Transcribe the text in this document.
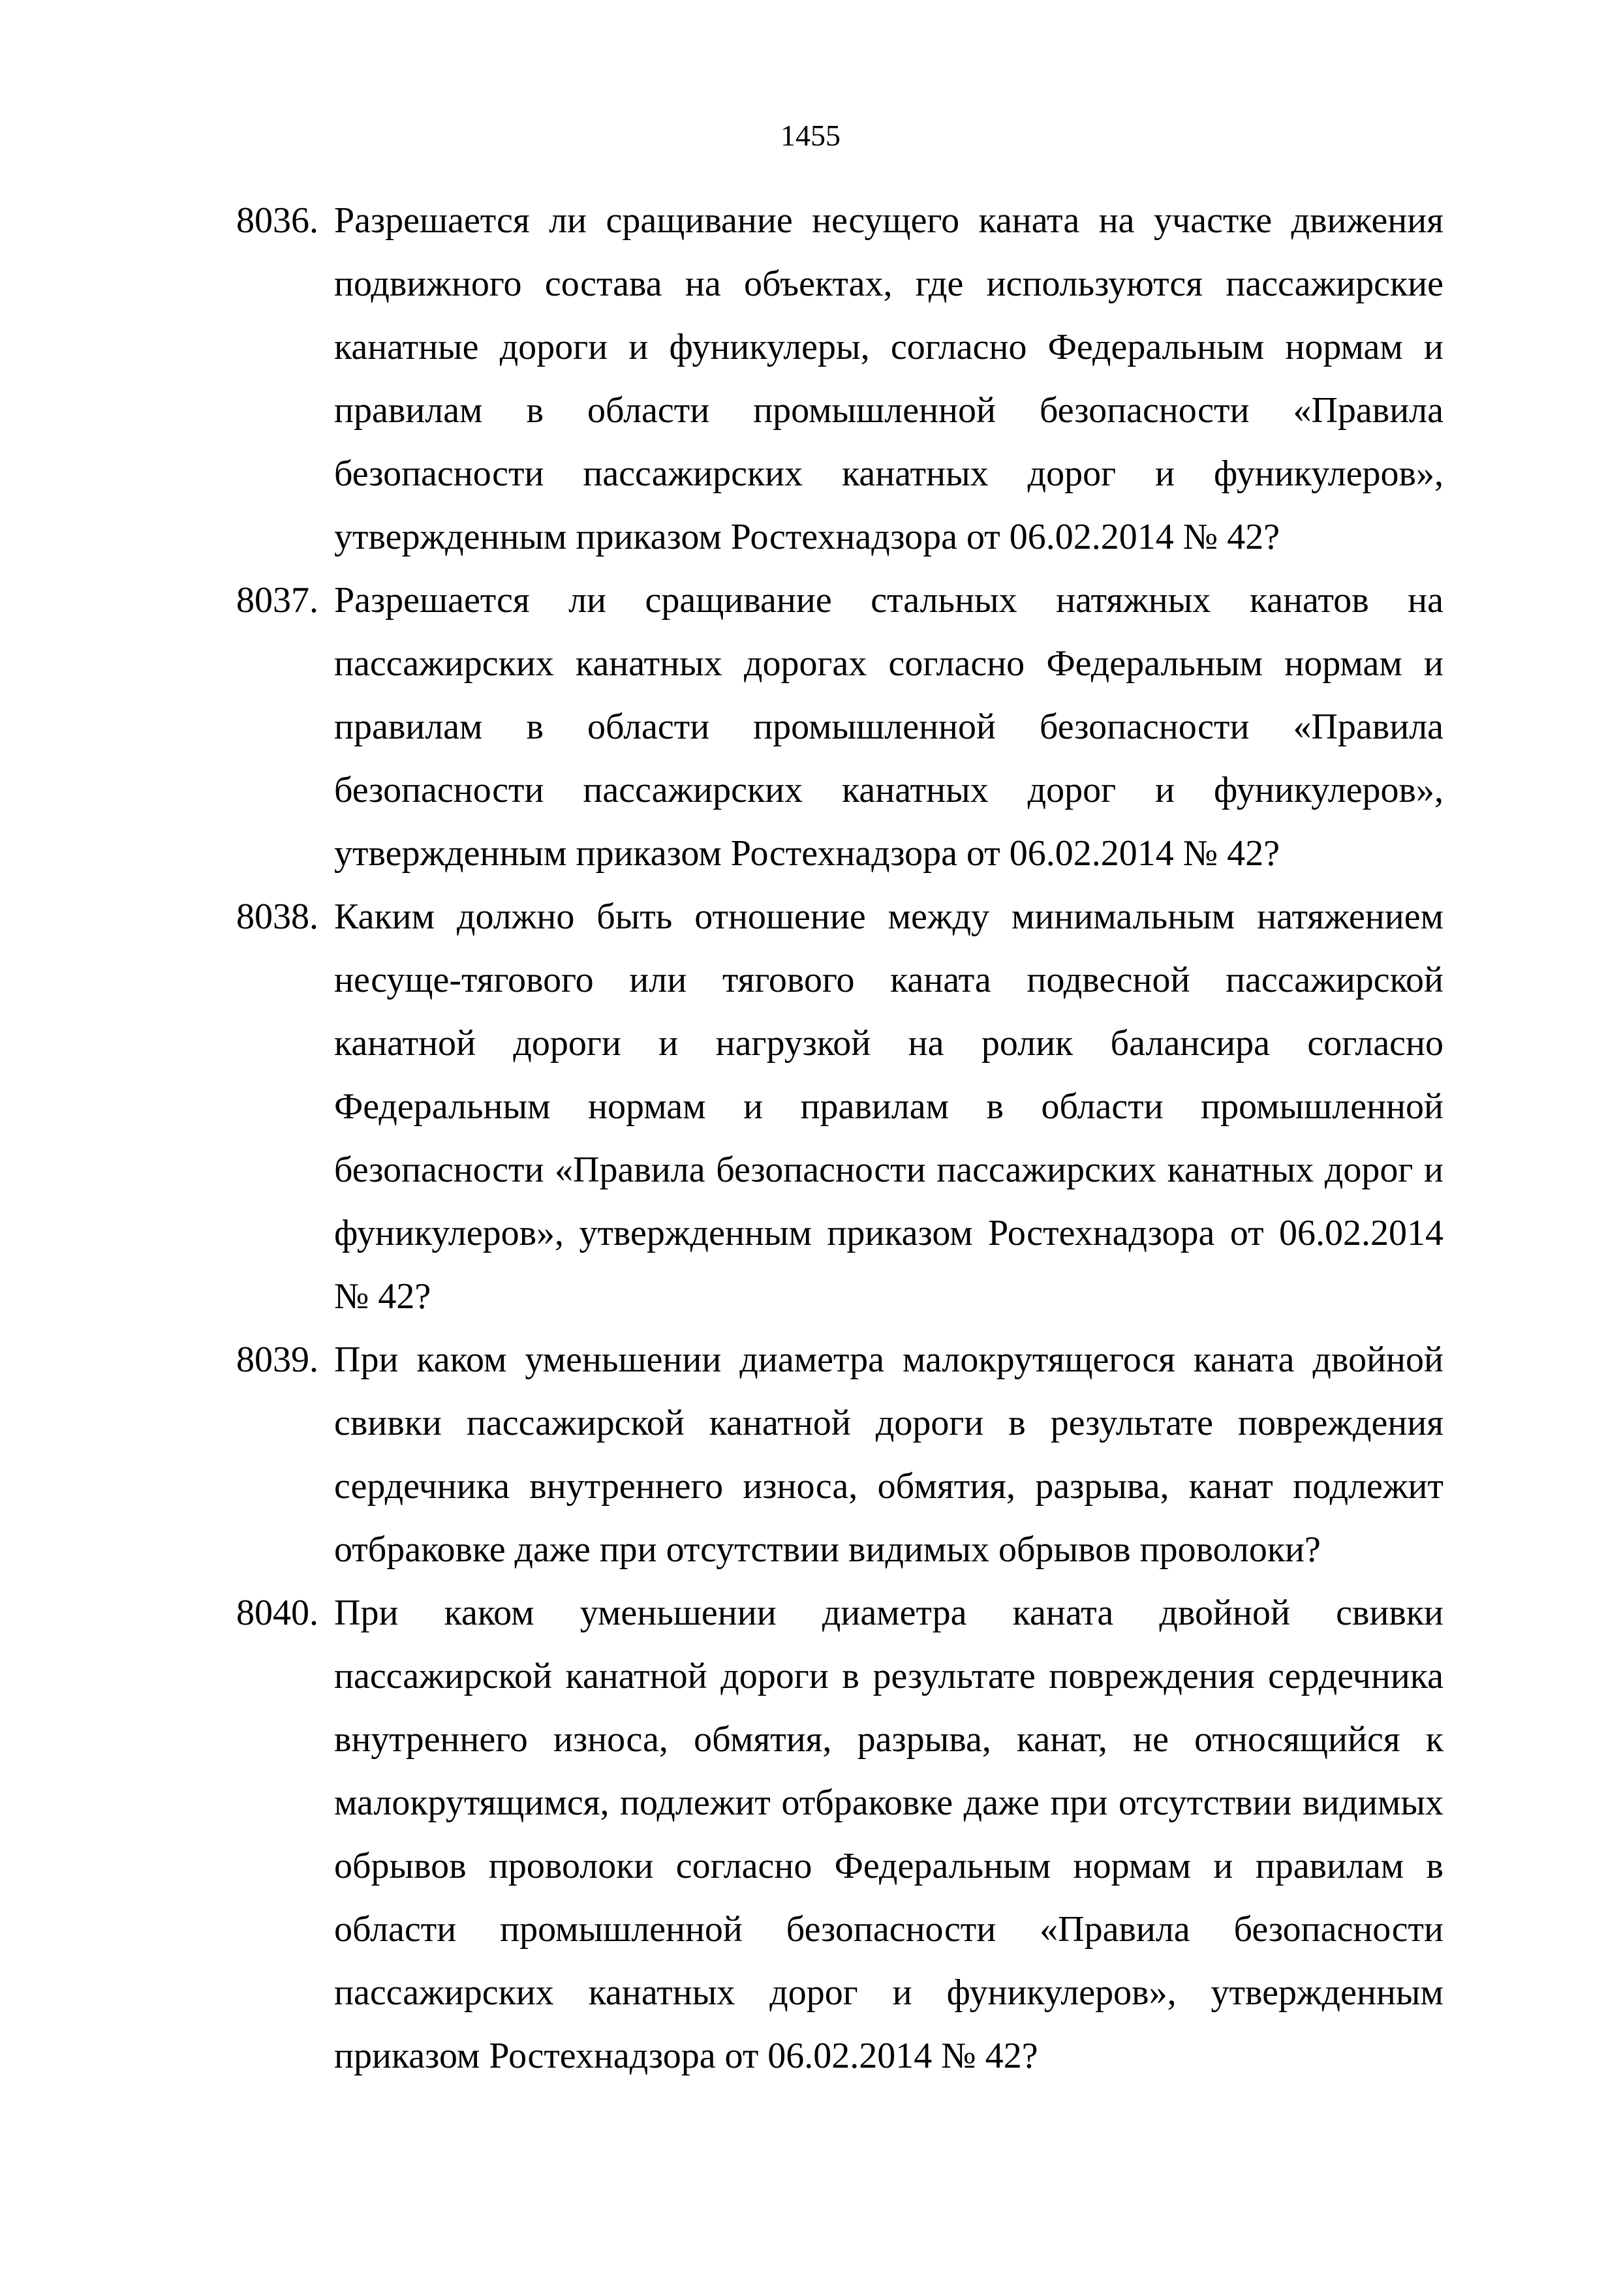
1455
8036. Разрешается ли сращивание несущего каната на участке движения подвижного состава на объектах, где используются пассажирские канатные дороги и фуникулеры, согласно Федеральным нормам и правилам в области промышленной безопасности «Правила безопасности пассажирских канатных дорог и фуникулеров», утвержденным приказом Ростехнадзора от 06.02.2014 № 42?
8037. Разрешается ли сращивание стальных натяжных канатов на пассажирских канатных дорогах согласно Федеральным нормам и правилам в области промышленной безопасности «Правила безопасности пассажирских канатных дорог и фуникулеров», утвержденным приказом Ростехнадзора от 06.02.2014 № 42?
8038. Каким должно быть отношение между минимальным натяжением несуще-тягового или тягового каната подвесной пассажирской канатной дороги и нагрузкой на ролик балансира согласно Федеральным нормам и правилам в области промышленной безопасности «Правила безопасности пассажирских канатных дорог и фуникулеров», утвержденным приказом Ростехнадзора от 06.02.2014 № 42?
8039. При каком уменьшении диаметра малокрутящегося каната двойной свивки пассажирской канатной дороги в результате повреждения сердечника внутреннего износа, обмятия, разрыва, канат подлежит отбраковке даже при отсутствии видимых обрывов проволоки?
8040. При каком уменьшении диаметра каната двойной свивки пассажирской канатной дороги в результате повреждения сердечника внутреннего износа, обмятия, разрыва, канат, не относящийся к малокрутящимся, подлежит отбраковке даже при отсутствии видимых обрывов проволоки согласно Федеральным нормам и правилам в области промышленной безопасности «Правила безопасности пассажирских канатных дорог и фуникулеров», утвержденным приказом Ростехнадзора от 06.02.2014 № 42?
